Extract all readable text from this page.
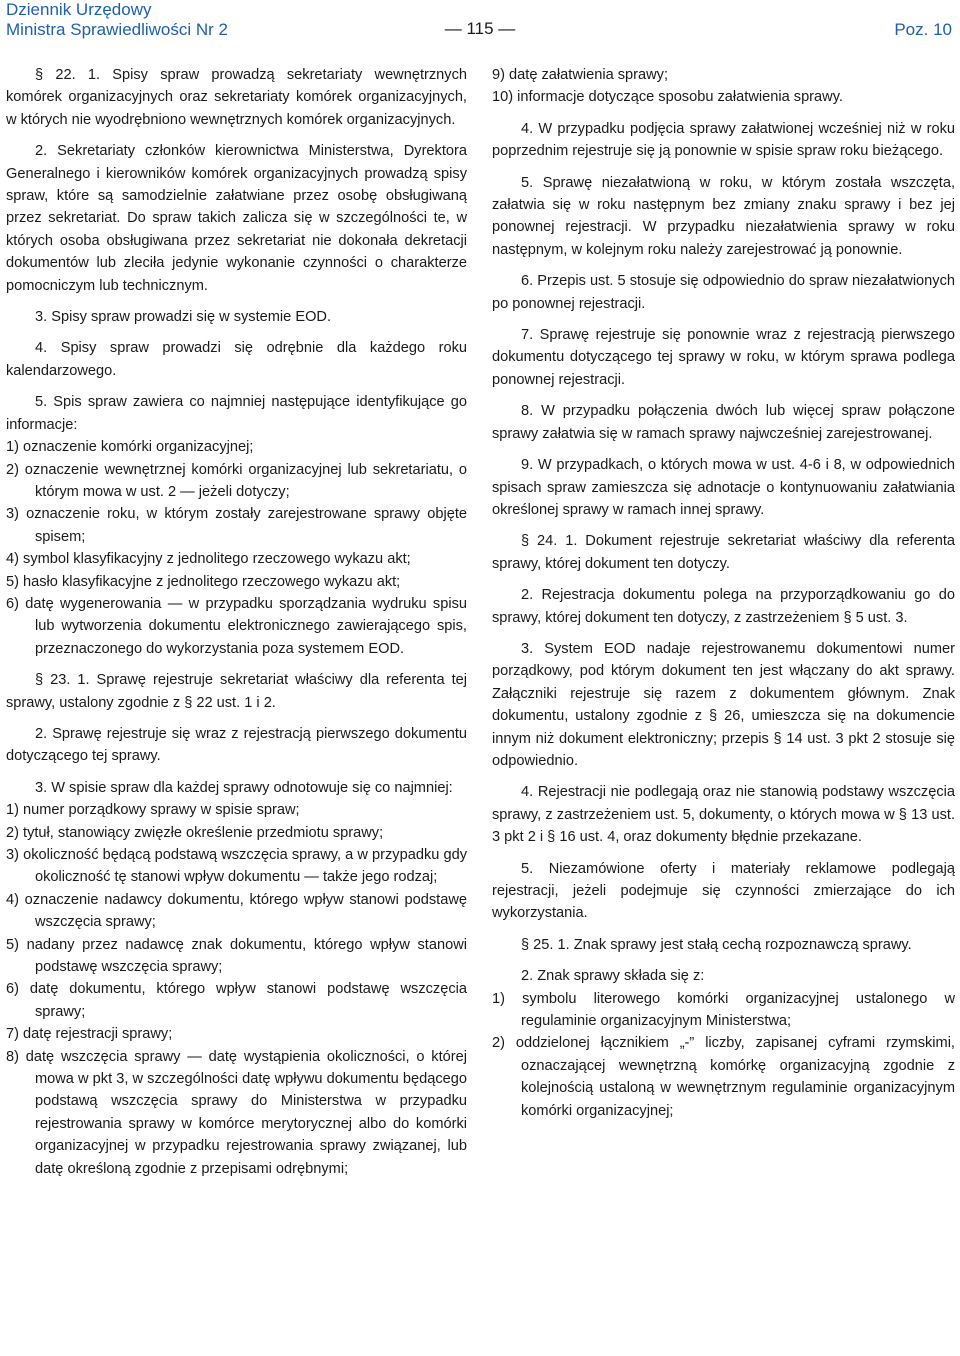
Dziennik Urzędowy
Ministra Sprawiedliwości Nr 2	— 115 —	Poz. 10

§ 22. 1. Spisy spraw prowadzą sekretariaty wewnętrznych komórek organizacyjnych oraz sekretariaty komórek organizacyjnych, w których nie wyodrębniono wewnętrznych komórek organizacyjnych.

2. Sekretariaty członków kierownictwa Ministerstwa, Dyrektora Generalnego i kierowników komórek organizacyjnych prowadzą spisy spraw, które są samodzielnie załatwiane przez osobę obsługiwaną przez sekretariat. Do spraw takich zalicza się w szczególności te, w których osoba obsługiwana przez sekretariat nie dokonała dekretacji dokumentów lub zleciła jedynie wykonanie czynności o charakterze pomocniczym lub technicznym.

3. Spisy spraw prowadzi się w systemie EOD.

4. Spisy spraw prowadzi się odrębnie dla każdego roku kalendarzowego.

5. Spis spraw zawiera co najmniej następujące identyfikujące go informacje:

1) oznaczenie komórki organizacyjnej;
2) oznaczenie wewnętrznej komórki organizacyjnej lub sekretariatu, o którym mowa w ust. 2 — jeżeli dotyczy;
3) oznaczenie roku, w którym zostały zarejestrowane sprawy objęte spisem;
4) symbol klasyfikacyjny z jednolitego rzeczowego wykazu akt;
5) hasło klasyfikacyjne z jednolitego rzeczowego wykazu akt;
6) datę wygenerowania — w przypadku sporządzania wydruku spisu lub wytworzenia dokumentu elektronicznego zawierającego spis, przeznaczonego do wykorzystania poza systemem EOD.

§ 23. 1. Sprawę rejestruje sekretariat właściwy dla referenta tej sprawy, ustalony zgodnie z § 22 ust. 1 i 2.

2. Sprawę rejestruje się wraz z rejestracją pierwszego dokumentu dotyczącego tej sprawy.

3. W spisie spraw dla każdej sprawy odnotowuje się co najmniej:

1) numer porządkowy sprawy w spisie spraw;
2) tytuł, stanowiący zwięzłe określenie przedmiotu sprawy;
3) okoliczność będącą podstawą wszczęcia sprawy, a w przypadku gdy okoliczność tę stanowi wpływ dokumentu — także jego rodzaj;
4) oznaczenie nadawcy dokumentu, którego wpływ stanowi podstawę wszczęcia sprawy;
5) nadany przez nadawcę znak dokumentu, którego wpływ stanowi podstawę wszczęcia sprawy;
6) datę dokumentu, którego wpływ stanowi podstawę wszczęcia sprawy;
7) datę rejestracji sprawy;
8) datę wszczęcia sprawy — datę wystąpienia okoliczności, o której mowa w pkt 3, w szczególności datę wpływu dokumentu będącego podstawą wszczęcia sprawy do Ministerstwa w przypadku rejestrowania sprawy w komórce merytorycznej albo do komórki organizacyjnej w przypadku rejestrowania sprawy związanej, lub datę określoną zgodnie z przepisami odrębnymi;
9) datę załatwienia sprawy;
10) informacje dotyczące sposobu załatwienia sprawy.

4. W przypadku podjęcia sprawy załatwionej wcześniej niż w roku poprzednim rejestruje się ją ponownie w spisie spraw roku bieżącego.

5. Sprawę niezałatwioną w roku, w którym została wszczęta, załatwia się w roku następnym bez zmiany znaku sprawy i bez jej ponownej rejestracji. W przypadku niezałatwienia sprawy w roku następnym, w kolejnym roku należy zarejestrować ją ponownie.

6. Przepis ust. 5 stosuje się odpowiednio do spraw niezałatwionych po ponownej rejestracji.

7. Sprawę rejestruje się ponownie wraz z rejestracją pierwszego dokumentu dotyczącego tej sprawy w roku, w którym sprawa podlega ponownej rejestracji.

8. W przypadku połączenia dwóch lub więcej spraw połączone sprawy załatwia się w ramach sprawy najwcześniej zarejestrowanej.

9. W przypadkach, o których mowa w ust. 4-6 i 8, w odpowiednich spisach spraw zamieszcza się adnotacje o kontynuowaniu załatwiania określonej sprawy w ramach innej sprawy.

§ 24. 1. Dokument rejestruje sekretariat właściwy dla referenta sprawy, której dokument ten dotyczy.

2. Rejestracja dokumentu polega na przyporządkowaniu go do sprawy, której dokument ten dotyczy, z zastrzeżeniem § 5 ust. 3.

3. System EOD nadaje rejestrowanemu dokumentowi numer porządkowy, pod którym dokument ten jest włączany do akt sprawy. Załączniki rejestruje się razem z dokumentem głównym. Znak dokumentu, ustalony zgodnie z § 26, umieszcza się na dokumencie innym niż dokument elektroniczny; przepis § 14 ust. 3 pkt 2 stosuje się odpowiednio.

4. Rejestracji nie podlegają oraz nie stanowią podstawy wszczęcia sprawy, z zastrzeżeniem ust. 5, dokumenty, o których mowa w § 13 ust. 3 pkt 2 i § 16 ust. 4, oraz dokumenty błędnie przekazane.

5. Niezamówione oferty i materiały reklamowe podlegają rejestracji, jeżeli podejmuje się czynności zmierzające do ich wykorzystania.

§ 25. 1. Znak sprawy jest stałą cechą rozpoznawczą sprawy.

2. Znak sprawy składa się z:

1) symbolu literowego komórki organizacyjnej ustalonego w regulaminie organizacyjnym Ministerstwa;
2) oddzielonej łącznikiem „-” liczby, zapisanej cyframi rzymskimi, oznaczającej wewnętrzną komórkę organizacyjną zgodnie z kolejnością ustaloną w wewnętrznym regulaminie organizacyjnym komórki organizacyjnej;
